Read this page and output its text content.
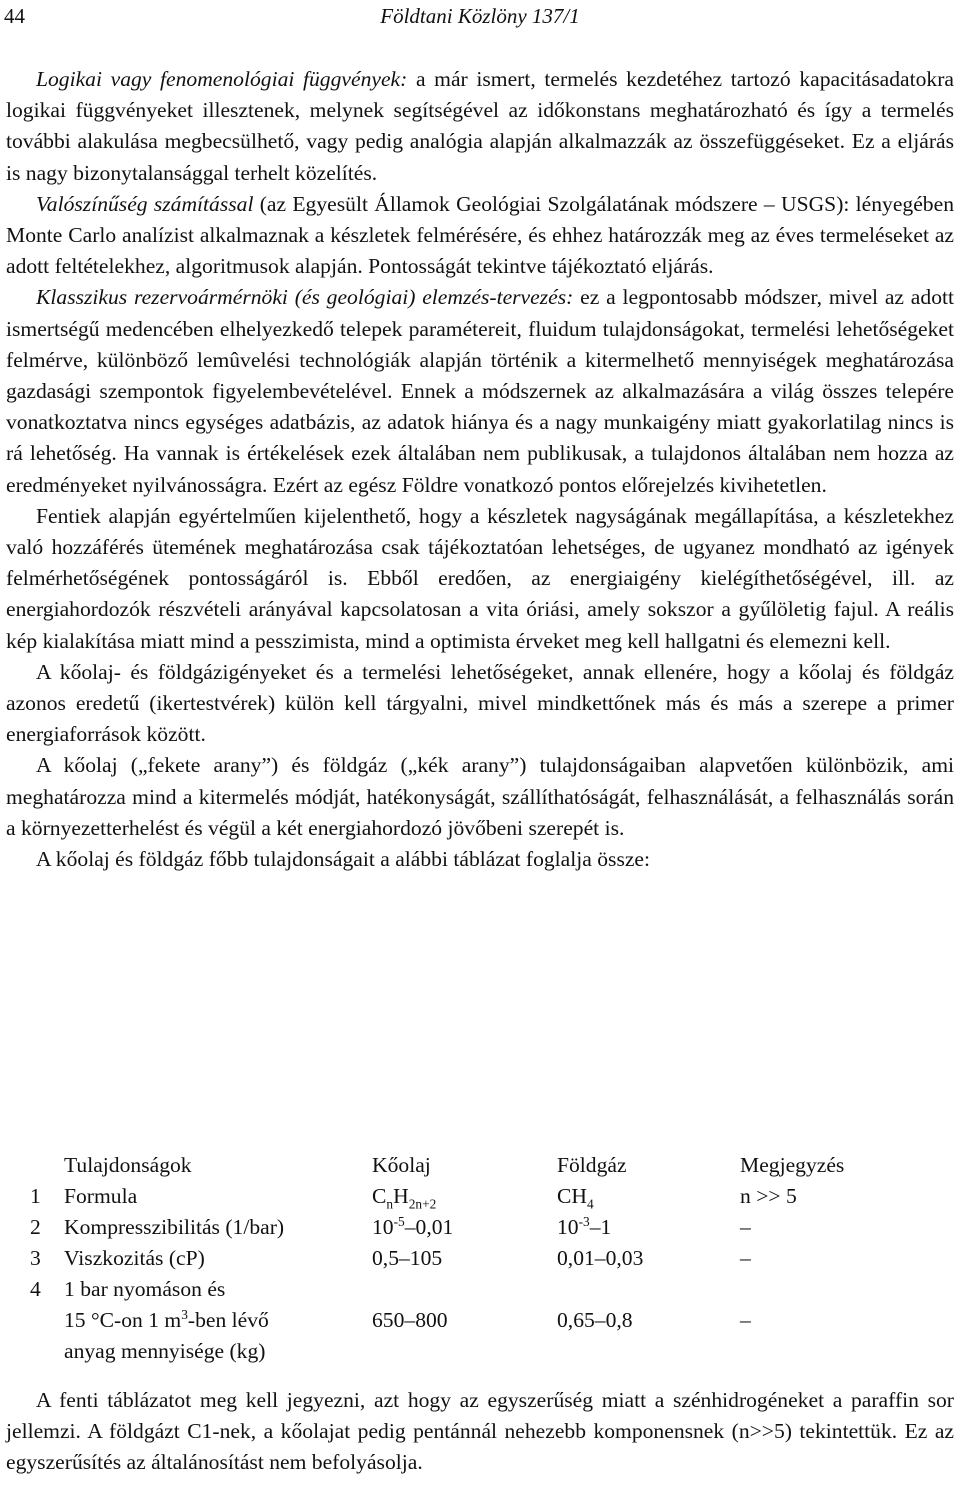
44	Földtani Közlöny 137/1

Logikai vagy fenomenológiai függvények: a már ismert, termelés kezdetéhez tartozó kapacitásadatokra logikai függvényeket illesztenek, melynek segítségével az időkonstans meghatározható és így a termelés további alakulása megbecsülhető, vagy pedig analógia alapján alkalmazzák az összefüggéseket. Ez a eljárás is nagy bizonytalansággal terhelt közelítés.

Valószínűség számítással (az Egyesült Államok Geológiai Szolgálatának módszere – USGS): lényegében Monte Carlo analízist alkalmaznak a készletek felmérésére, és ehhez határozzák meg az éves termeléseket az adott feltételekhez, algoritmusok alapján. Pontosságát tekintve tájékoztató eljárás.

Klasszikus rezervoármérnöki (és geológiai) elemzés-tervezés: ez a legpontosabb módszer, mivel az adott ismertségű medencében elhelyezkedő telepek paramétereit, fluidum tulajdonságokat, termelési lehetőségeket felmérve, különböző lemûvelési technológiák alapján történik a kitermelhető mennyiségek meghatározása gazdasági szempontok figyelembevételével. Ennek a módszernek az alkalmazására a világ összes telepére vonatkoztatva nincs egységes adatbázis, az adatok hiánya és a nagy munkaigény miatt gyakorlatilag nincs is rá lehetőség. Ha vannak is értékelések ezek általában nem publikusak, a tulajdonos általában nem hozza az eredményeket nyilvánosságra. Ezért az egész Földre vonatkozó pontos előrejelzés kivihetetlen.

Fentiek alapján egyértelműen kijelenthető, hogy a készletek nagyságának megállapítása, a készletekhez való hozzáférés ütemének meghatározása csak tájékoztatóan lehetséges, de ugyanez mondható az igények felmérhetőségének pontosságáról is. Ebből eredően, az energiaigény kielégíthetőségével, ill. az energiahordozók részvételi arányával kapcsolatosan a vita óriási, amely sokszor a gyűlöletig fajul. A reális kép kialakítása miatt mind a pesszimista, mind a optimista érveket meg kell hallgatni és elemezni kell.

A kőolaj- és földgázigényeket és a termelési lehetőségeket, annak ellenére, hogy a kőolaj és földgáz azonos eredetű (ikertestvérek) külön kell tárgyalni, mivel mindkettőnek más és más a szerepe a primer energiaforrások között.

A kőolaj („fekete arany”) és földgáz („kék arany”) tulajdonságaiban alapvetően különbözik, ami meghatározza mind a kitermelés módját, hatékonyságát, szállíthatóságát, felhasználását, a felhasználás során a környezetterhelést és végül a két energiahordozó jövőbeni szerepét is.

A kőolaj és földgáz főbb tulajdonságait a alábbi táblázat foglalja össze:

	Tulajdonságok	Kőolaj	Földgáz	Megjegyzés
1	Formula	$C_nH_{2n+2}$	$CH_4$	n >> 5
2	Kompresszibilitás (1/bar)	$10^{-5}-0,01$	$10^{-3}-1$	–
3	Viszkozitás (cP)	0,5–105	0,01–0,03	–
4	1 bar nyomáson és
15 °C-on 1 $m^3$-ben lévő
anyag mennyisége (kg)	650–800	0,65–0,8	–

A fenti táblázatot meg kell jegyezni, azt hogy az egyszerűség miatt a szénhidrogéneket a paraffin sor jellemzi. A földgázt C1-nek, a kőolajat pedig pentánnál nehezebb komponensnek (n>>5) tekintettük. Ez az egyszerűsítés az általánosítást nem befolyásolja.
